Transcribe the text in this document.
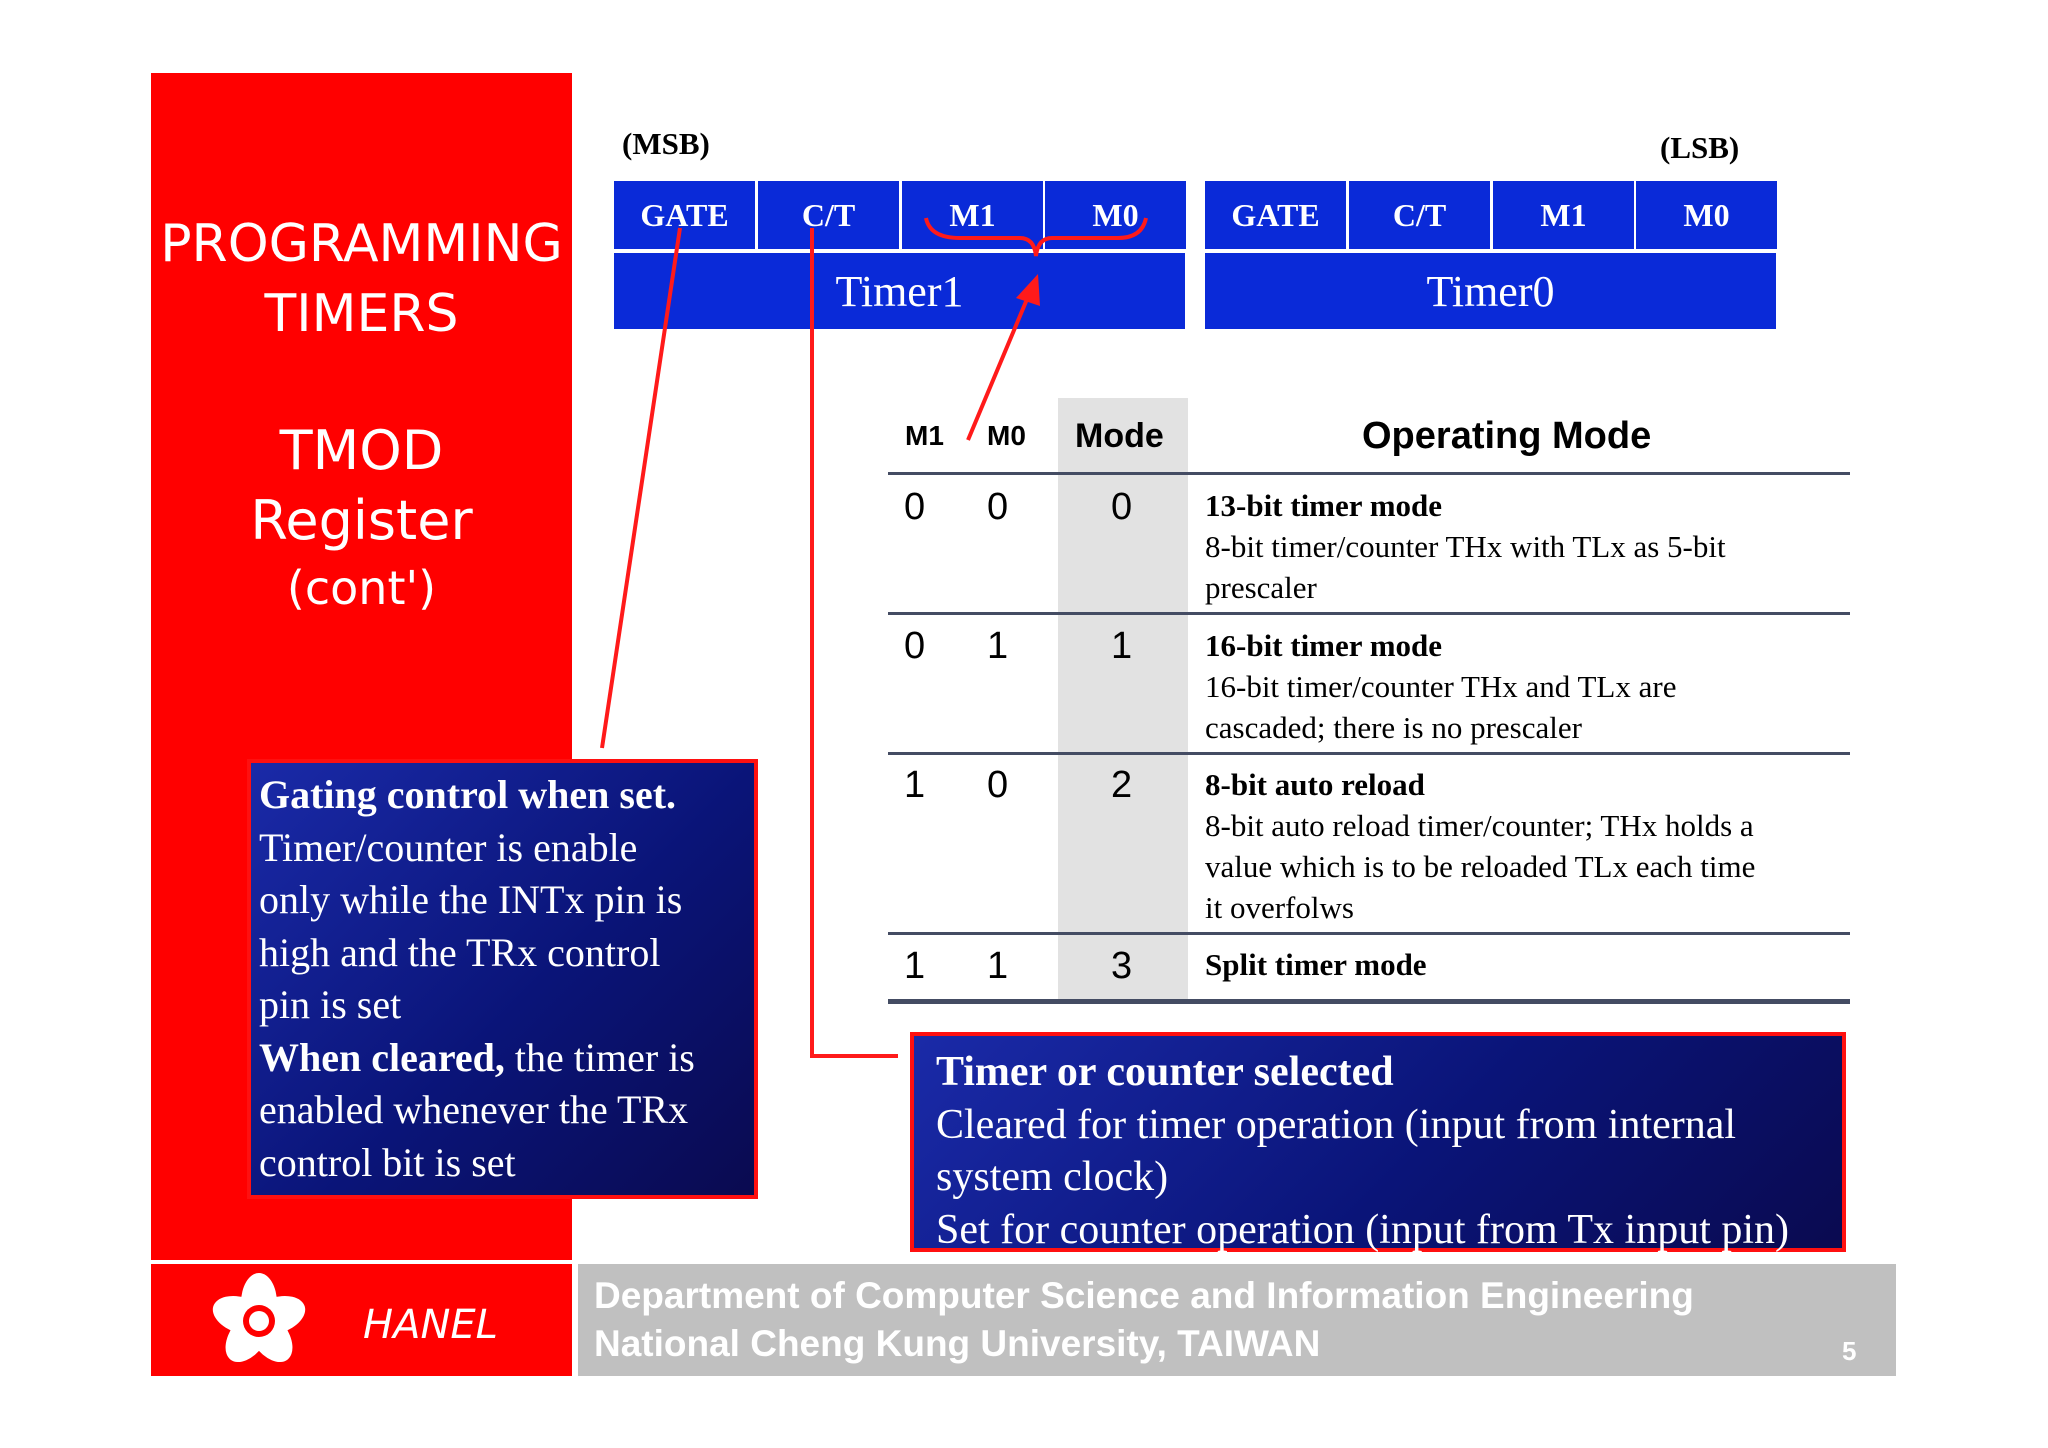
PROGRAMMING
TIMERS
TMOD
Register
(cont')
(MSB)	(LSB)
GATE	C/T	M1	M0
Timer1
GATE	C/T	M1	M0
Timer0
M1 M0 Mode	Operating Mode
0 0	0 13-bit timer mode
8-bit timer/counter THx with TLx as 5-bit
prescaler
0 1	1 16-bit timer mode
16-bit timer/counter THx and TLx are
cascaded; there is no prescaler
1 0	2 8-bit auto reload
8-bit auto reload timer/counter; THx holds a
value which is to be reloaded TLx each time
it overfolws
1 1	3 Split timer mode
Gating control when set.
Timer/counter is enable
only while the INTx pin is
high and the TRx control
pin is set
When cleared, the timer is
enabled whenever the TRx
control bit is set
Timer or counter selected
Cleared for timer operation (input from internal
system clock)
Set for counter operation (input from Tx input pin)
HANEL
Department of Computer Science and Information Engineering
National Cheng Kung University, TAIWAN	5
